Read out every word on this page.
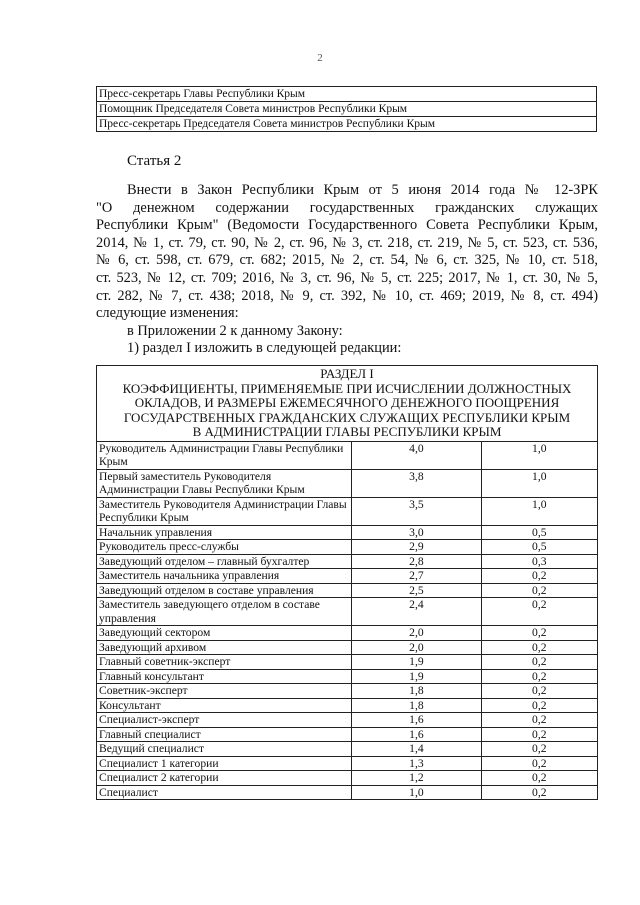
2
Пресс-секретарь Главы Республики Крым
Помощник Председателя Совета министров Республики Крым
Пресс-секретарь Председателя Совета министров Республики Крым
Статья 2
Внести в Закон Республики Крым от 5 июня 2014 года № 12-ЗРК
"О денежном содержании государственных гражданских служащих
Республики Крым" (Ведомости Государственного Совета Республики Крым,
2014, № 1, ст. 79, ст. 90, № 2, ст. 96, № 3, ст. 218, ст. 219, № 5, ст. 523, ст. 536,
№ 6, ст. 598, ст. 679, ст. 682; 2015, № 2, ст. 54, № 6, ст. 325, № 10, ст. 518,
ст. 523, № 12, ст. 709; 2016, № 3, ст. 96, № 5, ст. 225; 2017, № 1, ст. 30, № 5,
ст. 282, № 7, ст. 438; 2018, № 9, ст. 392, № 10, ст. 469; 2019, № 8, ст. 494)
следующие изменения:
в Приложении 2 к данному Закону:
1) раздел I изложить в следующей редакции:
РАЗДЕЛ I
КОЭФФИЦИЕНТЫ, ПРИМЕНЯЕМЫЕ ПРИ ИСЧИСЛЕНИИ ДОЛЖНОСТНЫХ
ОКЛАДОВ, И РАЗМЕРЫ ЕЖЕМЕСЯЧНОГО ДЕНЕЖНОГО ПООЩРЕНИЯ
ГОСУДАРСТВЕННЫХ ГРАЖДАНСКИХ СЛУЖАЩИХ РЕСПУБЛИКИ КРЫМ
В АДМИНИСТРАЦИИ ГЛАВЫ РЕСПУБЛИКИ КРЫМ		

Руководитель Администрации Главы Республики Крым	4,0	1,0
Первый заместитель Руководителя Администрации Главы Республики Крым	3,8	1,0
Заместитель Руководителя Администрации Главы Республики Крым	3,5	1,0
Начальник управления	3,0	0,5
Руководитель пресс-службы	2,9	0,5
Заведующий отделом – главный бухгалтер	2,8	0,3
Заместитель начальника управления	2,7	0,2
Заведующий отделом в составе управления	2,5	0,2
Заместитель заведующего отделом в составе управления	2,4	0,2
Заведующий сектором	2,0	0,2
Заведующий архивом	2,0	0,2
Главный советник-эксперт	1,9	0,2
Главный консультант	1,9	0,2
Советник-эксперт	1,8	0,2
Консультант	1,8	0,2
Специалист-эксперт	1,6	0,2
Главный специалист	1,6	0,2
Ведущий специалист	1,4	0,2
Специалист 1 категории	1,3	0,2
Специалист 2 категории	1,2	0,2
Специалист	1,0	0,2
